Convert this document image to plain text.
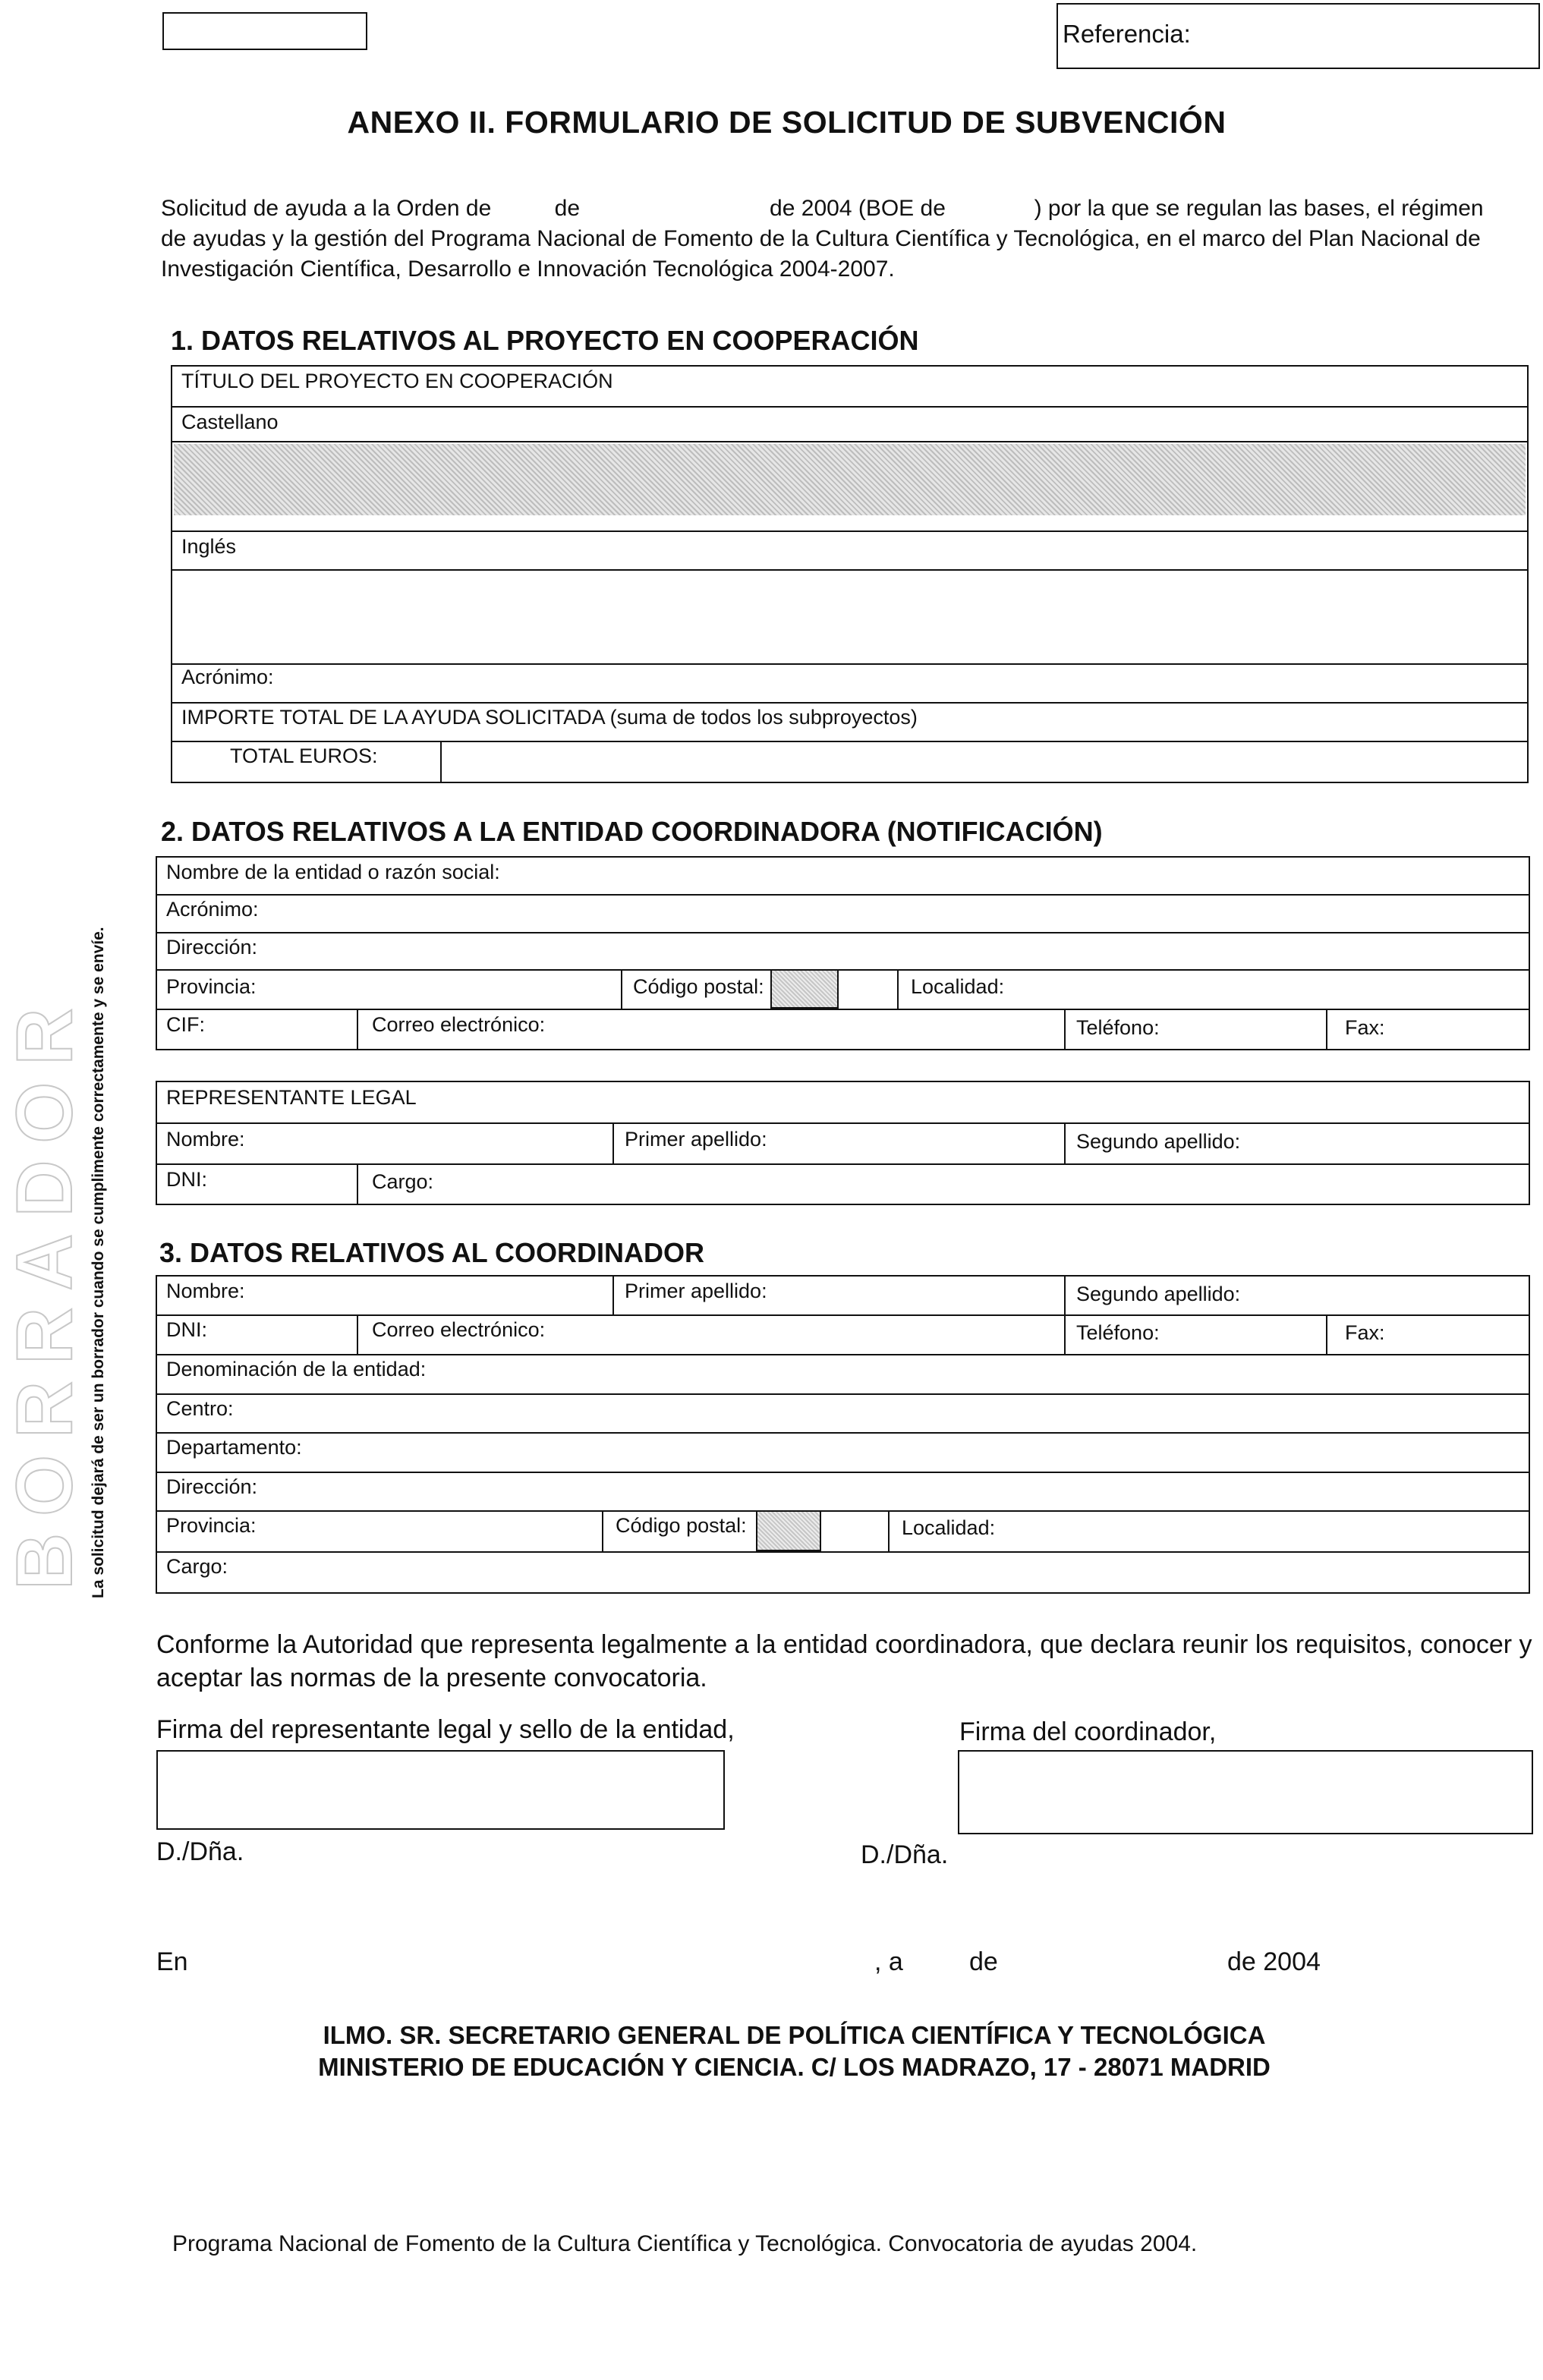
Referencia:
ANEXO II. FORMULARIO DE SOLICITUD DE SUBVENCIÓN
Solicitud de ayuda a la Orden de          de                              de 2004 (BOE de              ) por la que se regulan las bases, el régimen
de ayudas y la gestión del Programa Nacional de Fomento de la Cultura Científica y Tecnológica, en el marco del Plan Nacional de
Investigación Científica, Desarrollo e Innovación Tecnológica 2004-2007.
1. DATOS RELATIVOS AL PROYECTO EN COOPERACIÓN
TÍTULO DEL PROYECTO EN COOPERACIÓN
Castellano
Inglés
Acrónimo:
IMPORTE TOTAL DE LA AYUDA SOLICITADA (suma de todos los subproyectos)
TOTAL EUROS:
2. DATOS RELATIVOS A LA ENTIDAD COORDINADORA (NOTIFICACIÓN)
Nombre de la entidad o razón social:
Acrónimo:
Dirección:
Provincia:	Código postal:	Localidad:
CIF:	Correo electrónico:	Teléfono:	Fax:
REPRESENTANTE LEGAL
Nombre:	Primer apellido:	Segundo apellido:
DNI:	Cargo:
3. DATOS RELATIVOS AL COORDINADOR
Nombre:	Primer apellido:	Segundo apellido:
DNI:	Correo electrónico:	Teléfono:	Fax:
Denominación de la entidad:
Centro:
Departamento:
Dirección:
Provincia:	Código postal:	Localidad:
Cargo:
Conforme la Autoridad que representa legalmente a la entidad coordinadora, que declara reunir los requisitos, conocer y
aceptar las normas de la presente convocatoria.
Firma del representante legal y sello de la entidad,	Firma del coordinador,
D./Dña.	D./Dña.
En	, a	de	de 2004
ILMO. SR. SECRETARIO GENERAL DE POLÍTICA CIENTÍFICA Y TECNOLÓGICA
MINISTERIO DE EDUCACIÓN Y CIENCIA. C/ LOS MADRAZO, 17 - 28071 MADRID
Programa Nacional de Fomento de la Cultura Científica y Tecnológica. Convocatoria de ayudas 2004.
BORRADOR La solicitud dejará de ser un borrador cuando se cumplimente correctamente y se envíe.
